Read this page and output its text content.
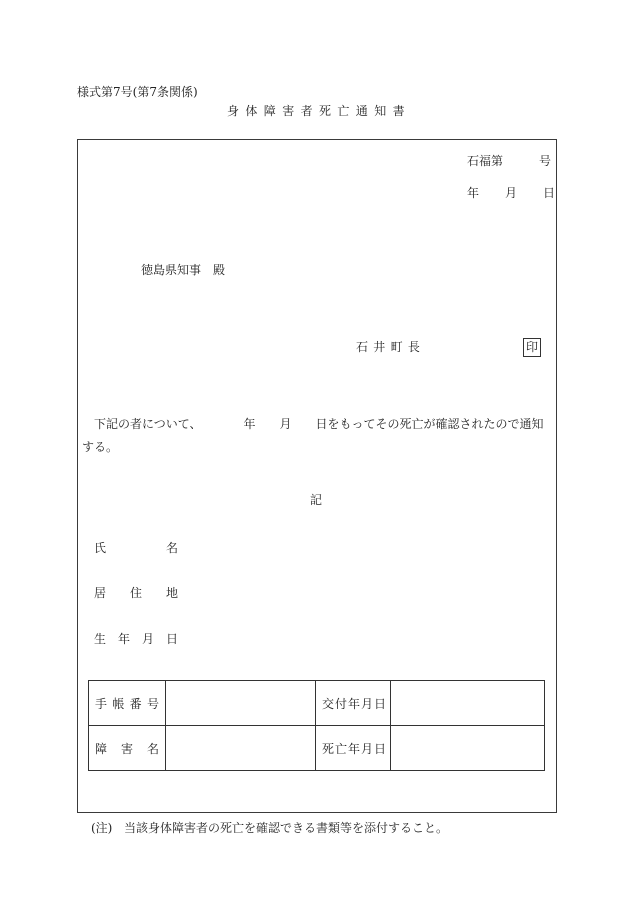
様式第7号(第7条関係)
身体障害者死亡通知書
石福第	号
年 月 日
徳島県知事 殿
石井町長	印
下記の者について、　　　　年　　月　　日をもってその死亡が確認されたので通知する。
記
氏	名
居 住 地
生 年 月 日
手 帳 番 号		交 付 年 月 日	

障 害 名		死 亡 年 月 日	

(注) 当該身体障害者の死亡を確認できる書類等を添付すること。
